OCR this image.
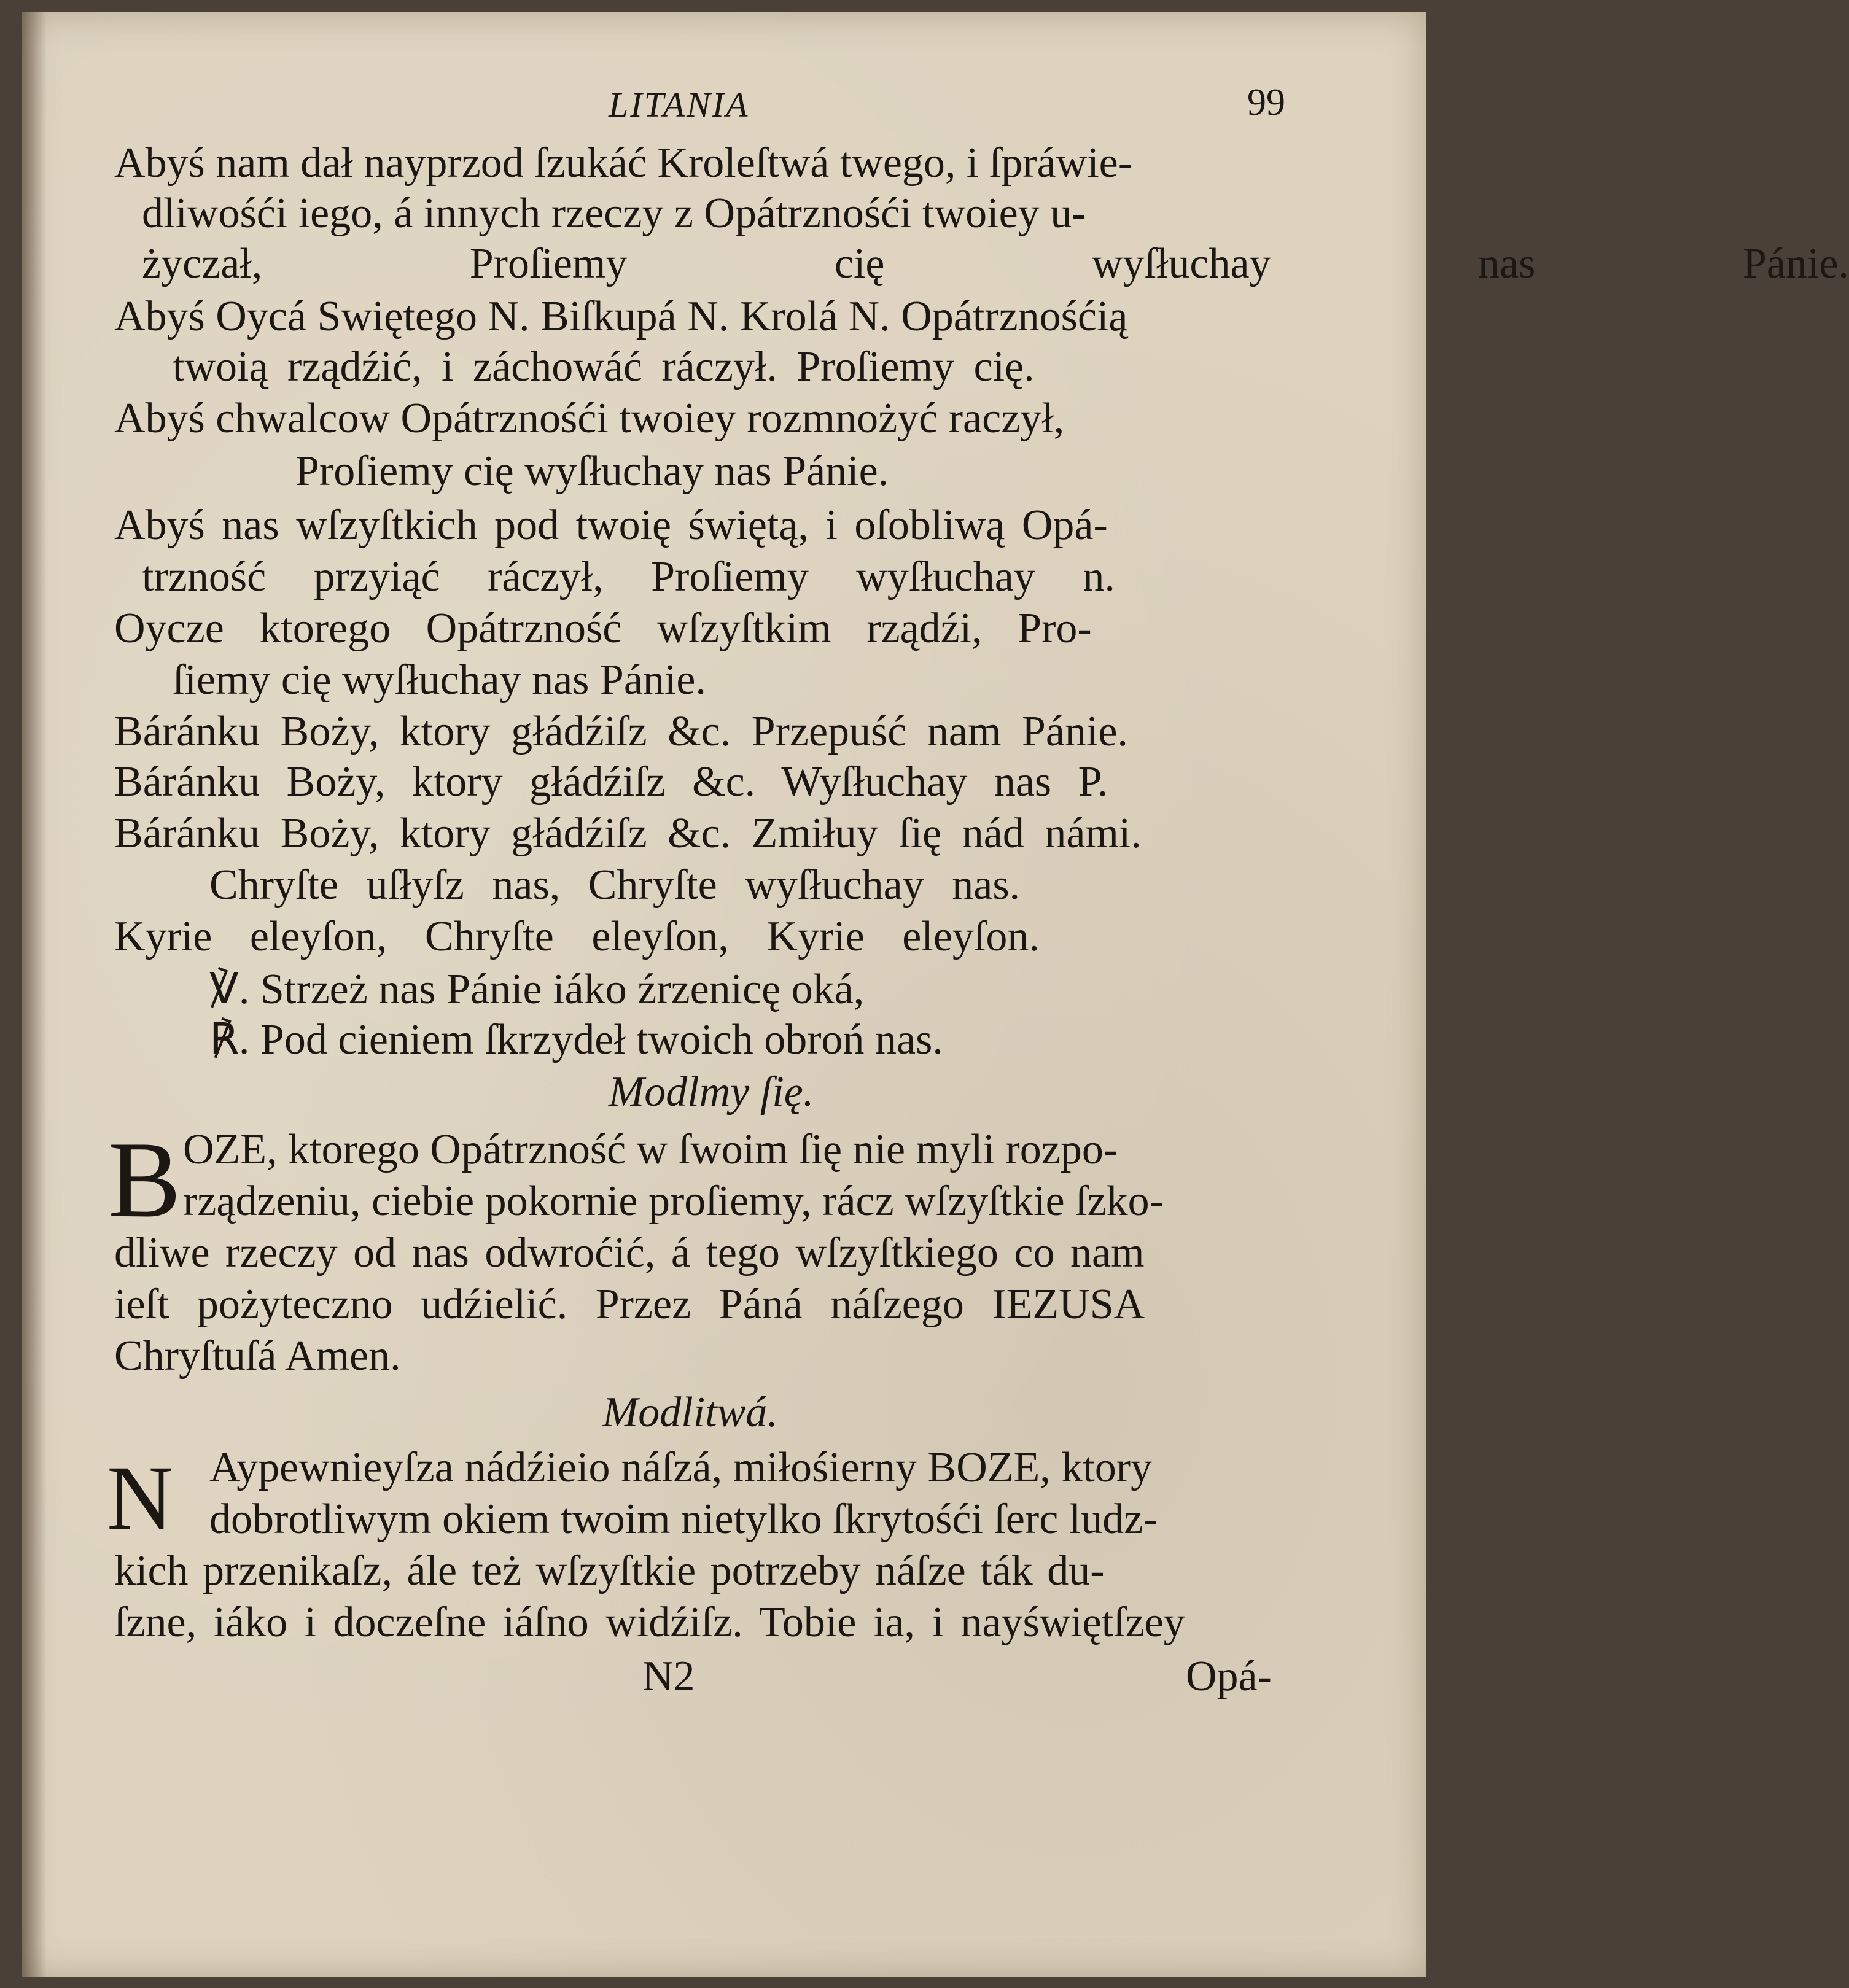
LITANIA	99
Abyś nam dał nayprzod ſzukáć Kroleſtwá twego, i ſpráwie-
dliwośći iego, á innych rzeczy z Opátrznośći twoiey u-
życzał, Proſiemy cię wyſłuchay nas Pánie.
Abyś Oycá Swiętego N. Biſkupá N. Krolá N. Opátrznośćią
twoią rządźić, i záchowáć ráczył. Proſiemy cię.
Abyś chwalcow Opátrznośći twoiey rozmnożyć raczył,
Proſiemy cię wyſłuchay nas Pánie.
Abyś nas wſzyſtkich pod twoię świętą, i oſobliwą Opá-
trzność przyiąć ráczył, Proſiemy wyſłuchay n.
Oycze ktorego Opátrzność wſzyſtkim rządźi, Pro-
ſiemy cię wyſłuchay nas Pánie.
Báránku Boży, ktory głádźiſz &c. Przepuść nam Pánie.
Báránku Boży, ktory głádźiſz &c. Wyſłuchay nas P.
Báránku Boży, ktory głádźiſz &c. Zmiłuy ſię nád námi.
Chryſte uſłyſz nas, Chryſte wyſłuchay nas.
Kyrie eleyſon, Chryſte eleyſon, Kyrie eleyſon.
℣. Strzeż nas Pánie iáko źrzenicę oká,
℟. Pod cieniem ſkrzydeł twoich obroń nas.
Modlmy ſię.
B OZE, ktorego Opátrzność w ſwoim ſię nie myli rozpo-
rządzeniu, ciebie pokornie proſiemy, rácz wſzyſtkie ſzko-
dliwe rzeczy od nas odwroćić, á tego wſzyſtkiego co nam
ieſt pożyteczno udźielić. Przez Páná náſzego IEZUSA
Chryſtuſá Amen.
Modlitwá.
N Aypewnieyſza nádźieio náſzá, miłośierny BOZE, ktory
dobrotliwym okiem twoim nietylko ſkrytośći ſerc ludz-
kich przenikaſz, ále też wſzyſtkie potrzeby náſze ták du-
ſzne, iáko i doczeſne iáſno widźiſz. Tobie ia, i nayświętſzey
N2	Opá-
